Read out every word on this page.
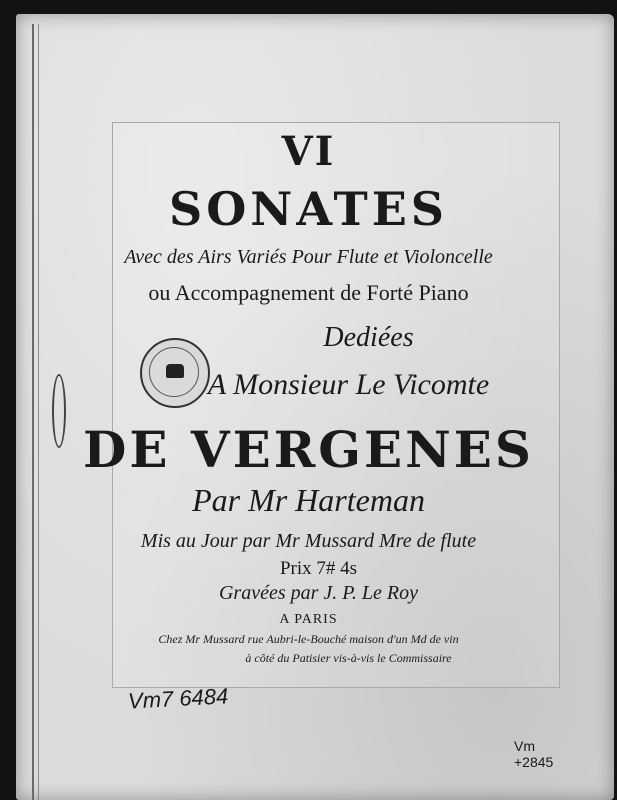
VI
SONATES
Avec des Airs Variés Pour Flute et Violoncelle
ou Accompagnement de Forté Piano
Dediées
A Monsieur Le Vicomte
DE VERGENES
Par Mr Harteman
Mis au Jour par Mr Mussard Mre de flute
Prix 7# 4s
Gravées par J. P. Le Roy
A PARIS
Chez Mr Mussard rue Aubri-le-Bouché maison d'un Md de vin
à côté du Patisier vis-à-vis le Commissaire
Vm7 6484
Vm
+2845
